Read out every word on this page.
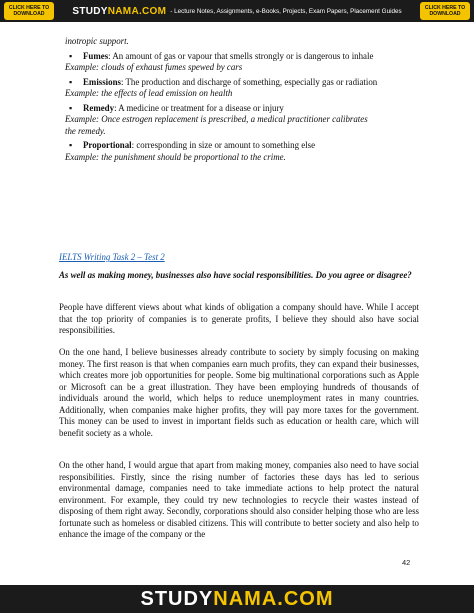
CLICK HERE TO
DOWNLOAD	STUDYNAMA.COM - Lecture Notes, Assignments, e-Books, Projects, Exam Papers, Placement Guides	CLICK HERE TO
DOWNLOAD
inotropic support.
▪	Fumes: An amount of gas or vapour that smells strongly or is dangerous to inhale
Example: clouds of exhaust fumes spewed by cars
▪	Emissions: The production and discharge of something, especially gas or radiation
Example: the effects of lead emission on health
▪	Remedy: A medicine or treatment for a disease or injury
Example: Once estrogen replacement is prescribed, a medical practitioner calibrates
the remedy.
▪	Proportional: corresponding in size or amount to something else
Example: the punishment should be proportional to the crime.
IELTS Writing Task 2 – Test 2
As well as making money, businesses also have social responsibilities. Do you agree or disagree?

People have different views about what kinds of obligation a company should have. While I accept that the top priority of companies is to generate profits, I believe they should also have social responsibilities.

On the one hand, I believe businesses already contribute to society by simply focusing on making money. The first reason is that when companies earn much profits, they can expand their businesses, which creates more job opportunities for people. Some big multinational corporations such as Apple or Microsoft can be a great illustration. They have been employing hundreds of thousands of individuals around the world, which helps to reduce unemployment rates in many countries. Additionally, when companies make higher profits, they will pay more taxes for the government. This money can be used to invest in important fields such as education or health care, which will benefit society as a whole.

On the other hand, I would argue that apart from making money, companies also need to have social responsibilities. Firstly, since the rising number of factories these days has led to serious environmental damage, companies need to take immediate actions to help protect the natural environment. For example, they could try new technologies to recycle their wastes instead of disposing of them right away. Secondly, corporations should also consider helping those who are less fortunate such as homeless or disabled citizens. This will contribute to better society and also help to enhance the image of the company or the

42
STUDYNAMA.COM
